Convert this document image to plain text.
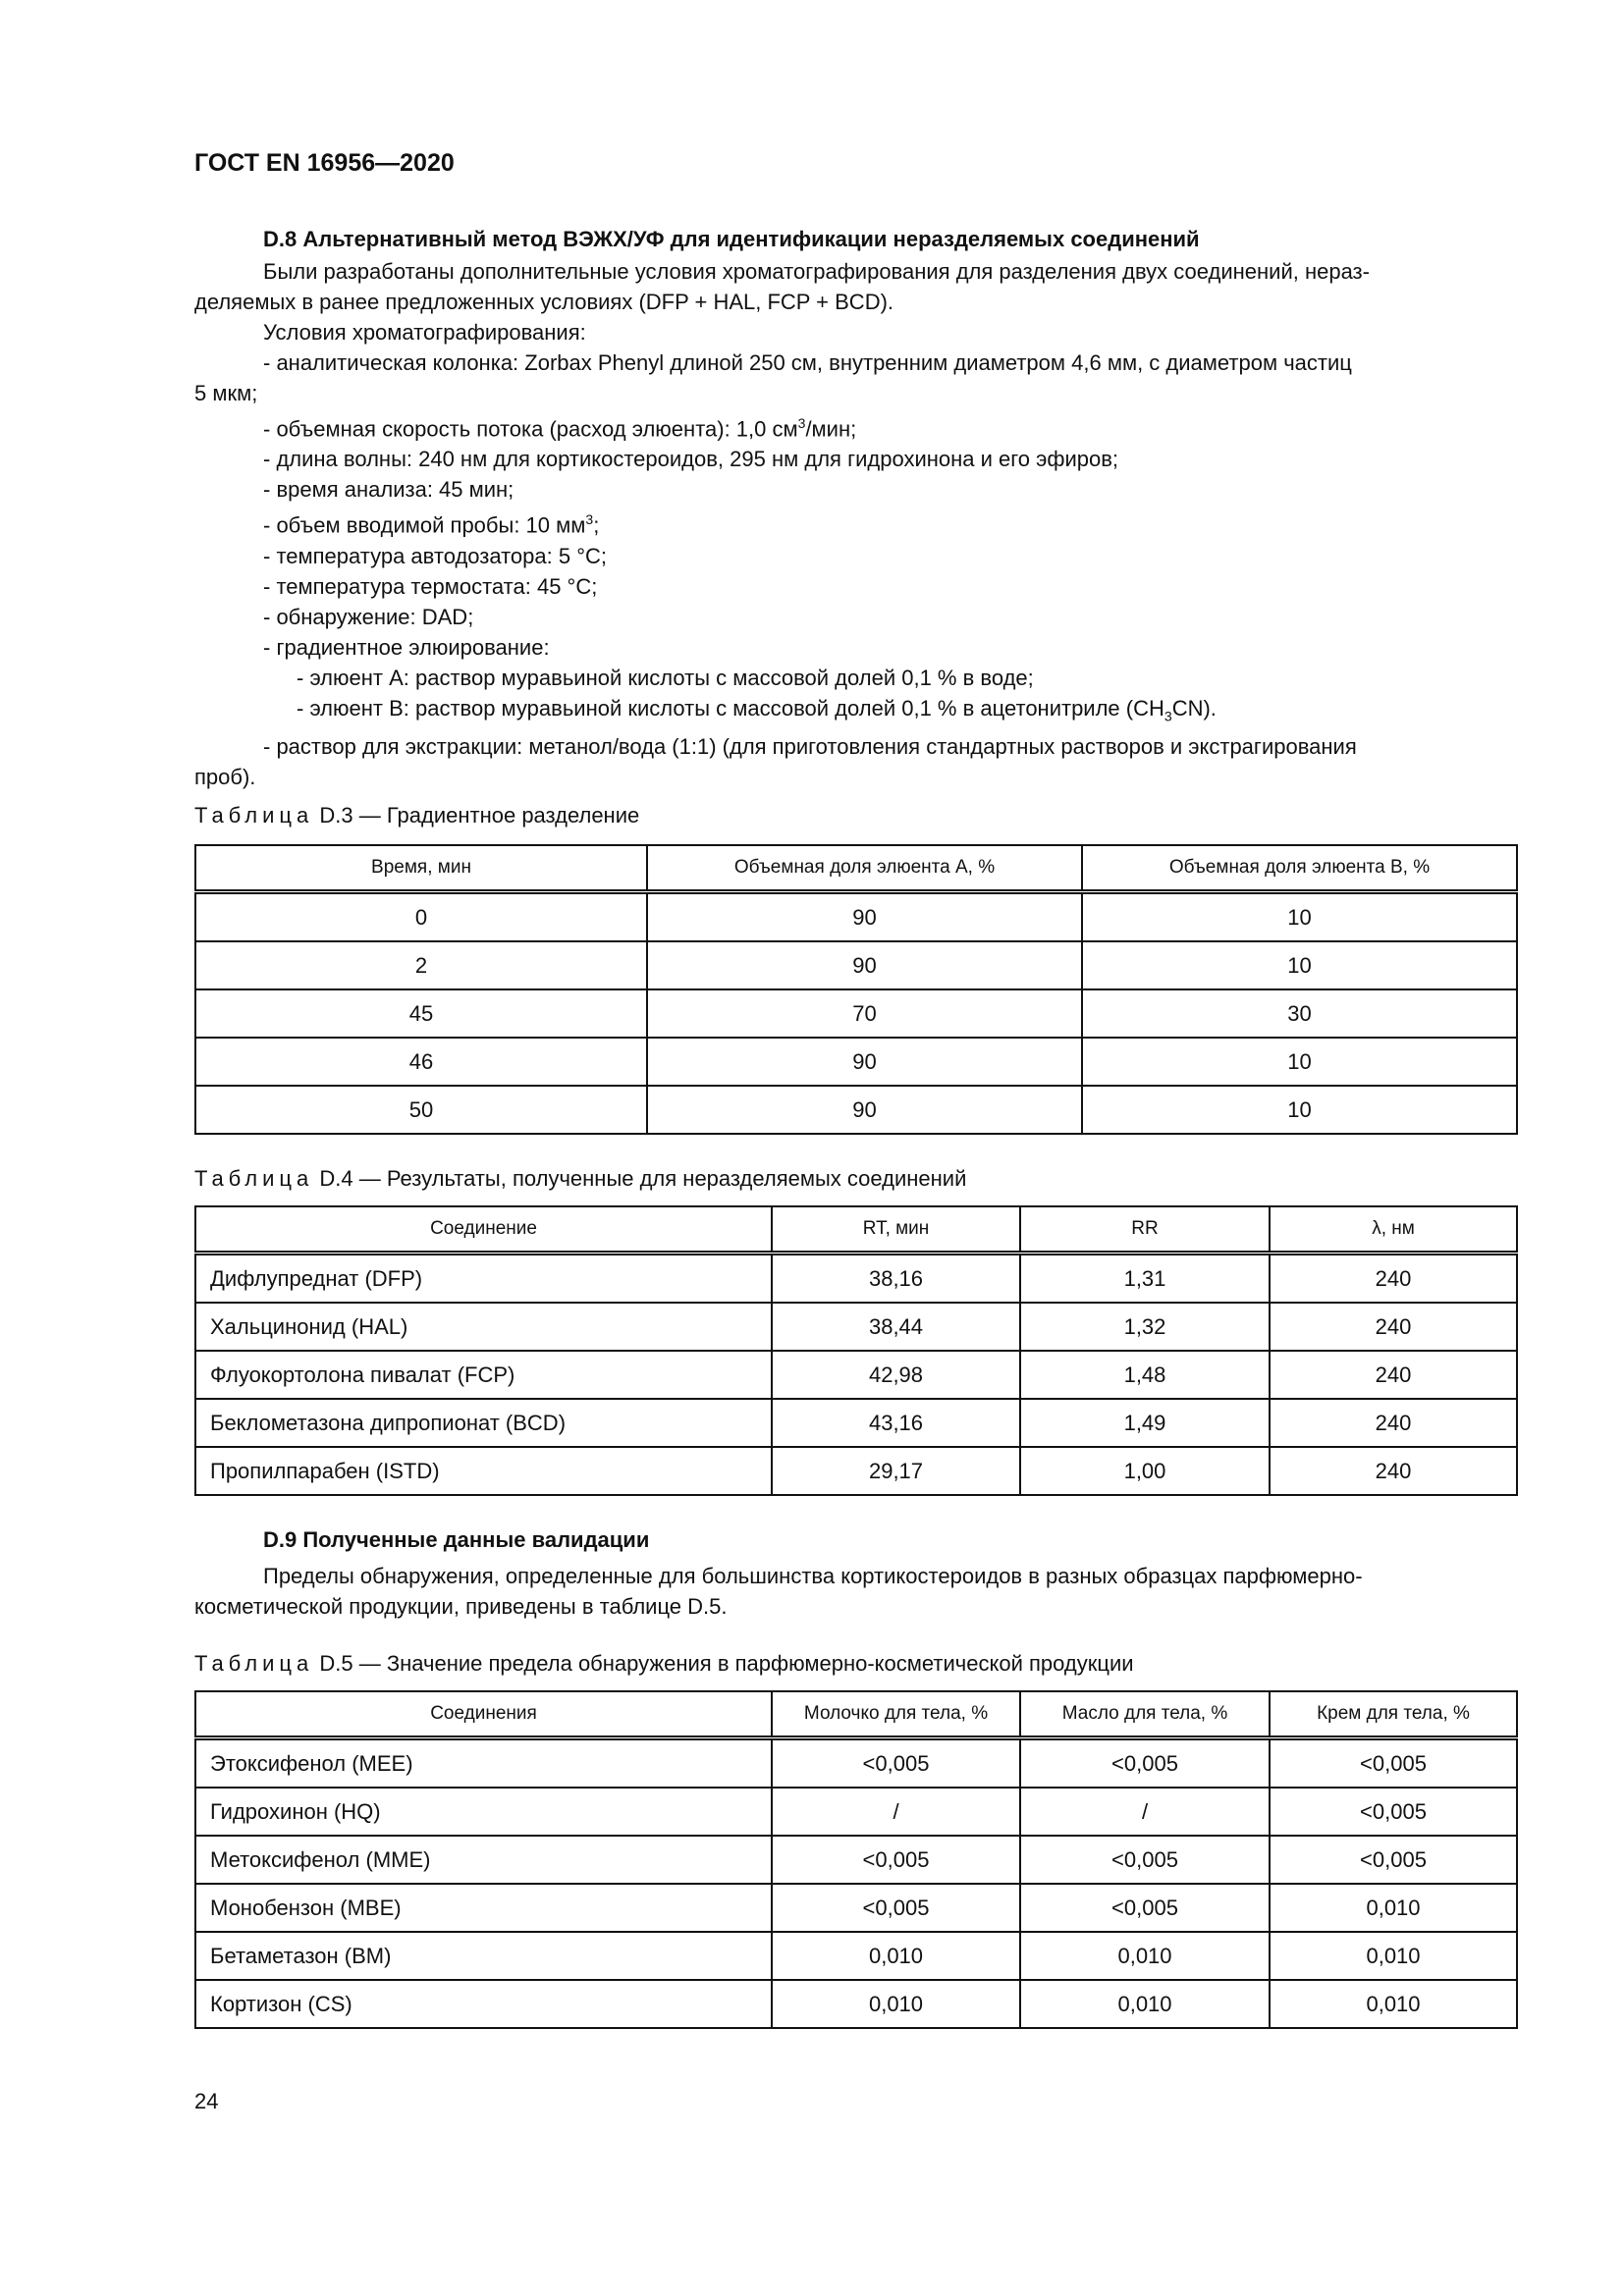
ГОСТ EN 16956—2020
D.8 Альтернативный метод ВЭЖХ/УФ для идентификации неразделяемых соединений
Были разработаны дополнительные условия хроматографирования для разделения двух соединений, нераз-
деляемых в ранее предложенных условиях (DFP + HAL, FCP + BCD).
Условия хроматографирования:
- аналитическая колонка: Zorbax Phenyl длиной 250 см, внутренним диаметром 4,6 мм, с диаметром частиц
5 мкм;
- объемная скорость потока (расход элюента): 1,0 $см^3$/мин;
- длина волны: 240 нм для кортикостероидов, 295 нм для гидрохинона и его эфиров;
- время анализа: 45 мин;
- объем вводимой пробы: 10 $мм^3$;
- температура автодозатора: 5 °C;
- температура термостата: 45 °C;
- обнаружение: DAD;
- градиентное элюирование:
- элюент А: раствор муравьиной кислоты с массовой долей 0,1 % в воде;
- элюент В: раствор муравьиной кислоты с массовой долей 0,1 % в ацетонитриле $(CH_3CN)$.
- раствор для экстракции: метанол/вода (1:1) (для приготовления стандартных растворов и экстрагирования
проб).
Таблица D.3 — Градиентное разделение
Время, мин	Объемная доля элюента А, %	Объемная доля элюента В, %
0	90	10
2	90	10
45	70	30
46	90	10
50	90	10
Таблица D.4 — Результаты, полученные для неразделяемых соединений
Соединение	RT, мин	RR	λ, нм
Дифлупреднат (DFP)	38,16	1,31	240
Хальцинонид (HAL)	38,44	1,32	240
Флуокортолона пивалат (FCP)	42,98	1,48	240
Беклометазона дипропионат (BCD)	43,16	1,49	240
Пропилпарабен (ISTD)	29,17	1,00	240
D.9 Полученные данные валидации
Пределы обнаружения, определенные для большинства кортикостероидов в разных образцах парфюмерно-
косметической продукции, приведены в таблице D.5.
Таблица D.5 — Значение предела обнаружения в парфюмерно-косметической продукции
Соединения	Молочко для тела, %	Масло для тела, %	Крем для тела, %
Этоксифенол (MEE)	<0,005	<0,005	<0,005
Гидрохинон (HQ)	/	/	<0,005
Метоксифенол (MME)	<0,005	<0,005	<0,005
Монобензон (MBE)	<0,005	<0,005	0,010
Бетаметазон (BM)	0,010	0,010	0,010
Кортизон (CS)	0,010	0,010	0,010
24
